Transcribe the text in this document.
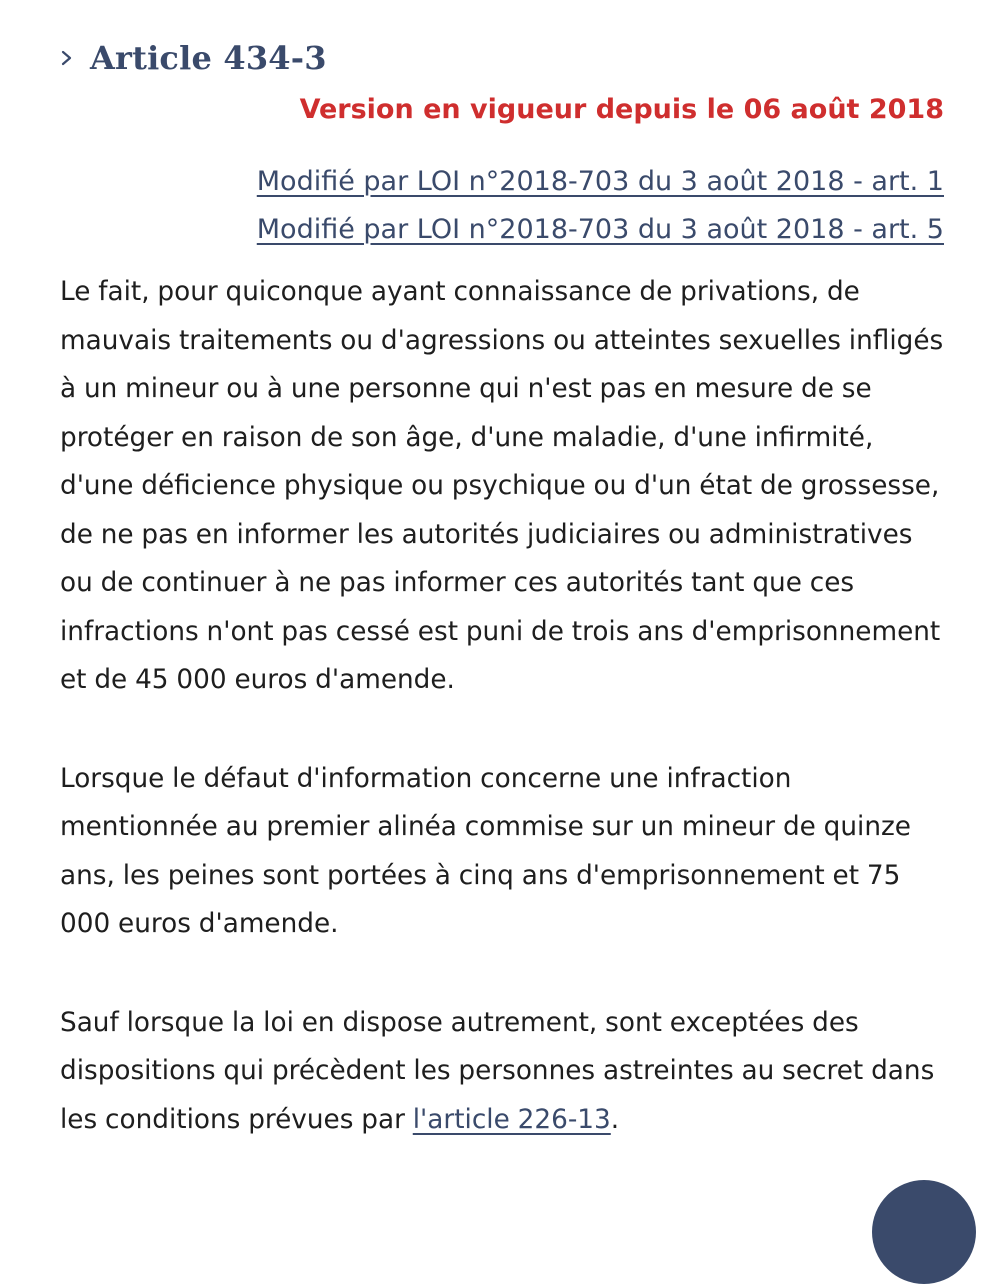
Article 434-3
Version en vigueur depuis le 06 août 2018
Modifié par LOI n°2018-703 du 3 août 2018 - art. 1
Modifié par LOI n°2018-703 du 3 août 2018 - art. 5

Le fait, pour quiconque ayant connaissance de privations, de mauvais traitements ou d'agressions ou atteintes sexuelles infligés à un mineur ou à une personne qui n'est pas en mesure de se protéger en raison de son âge, d'une maladie, d'une infirmité, d'une déficience physique ou psychique ou d'un état de grossesse, de ne pas en informer les autorités judiciaires ou administratives ou de continuer à ne pas informer ces autorités tant que ces infractions n'ont pas cessé est puni de trois ans d'emprisonnement et de 45 000 euros d'amende.

Lorsque le défaut d'information concerne une infraction mentionnée au premier alinéa commise sur un mineur de quinze ans, les peines sont portées à cinq ans d'emprisonnement et 75 000 euros d'amende.

Sauf lorsque la loi en dispose autrement, sont exceptées des dispositions qui précèdent les personnes astreintes au secret dans les conditions prévues par l'article 226-13.
